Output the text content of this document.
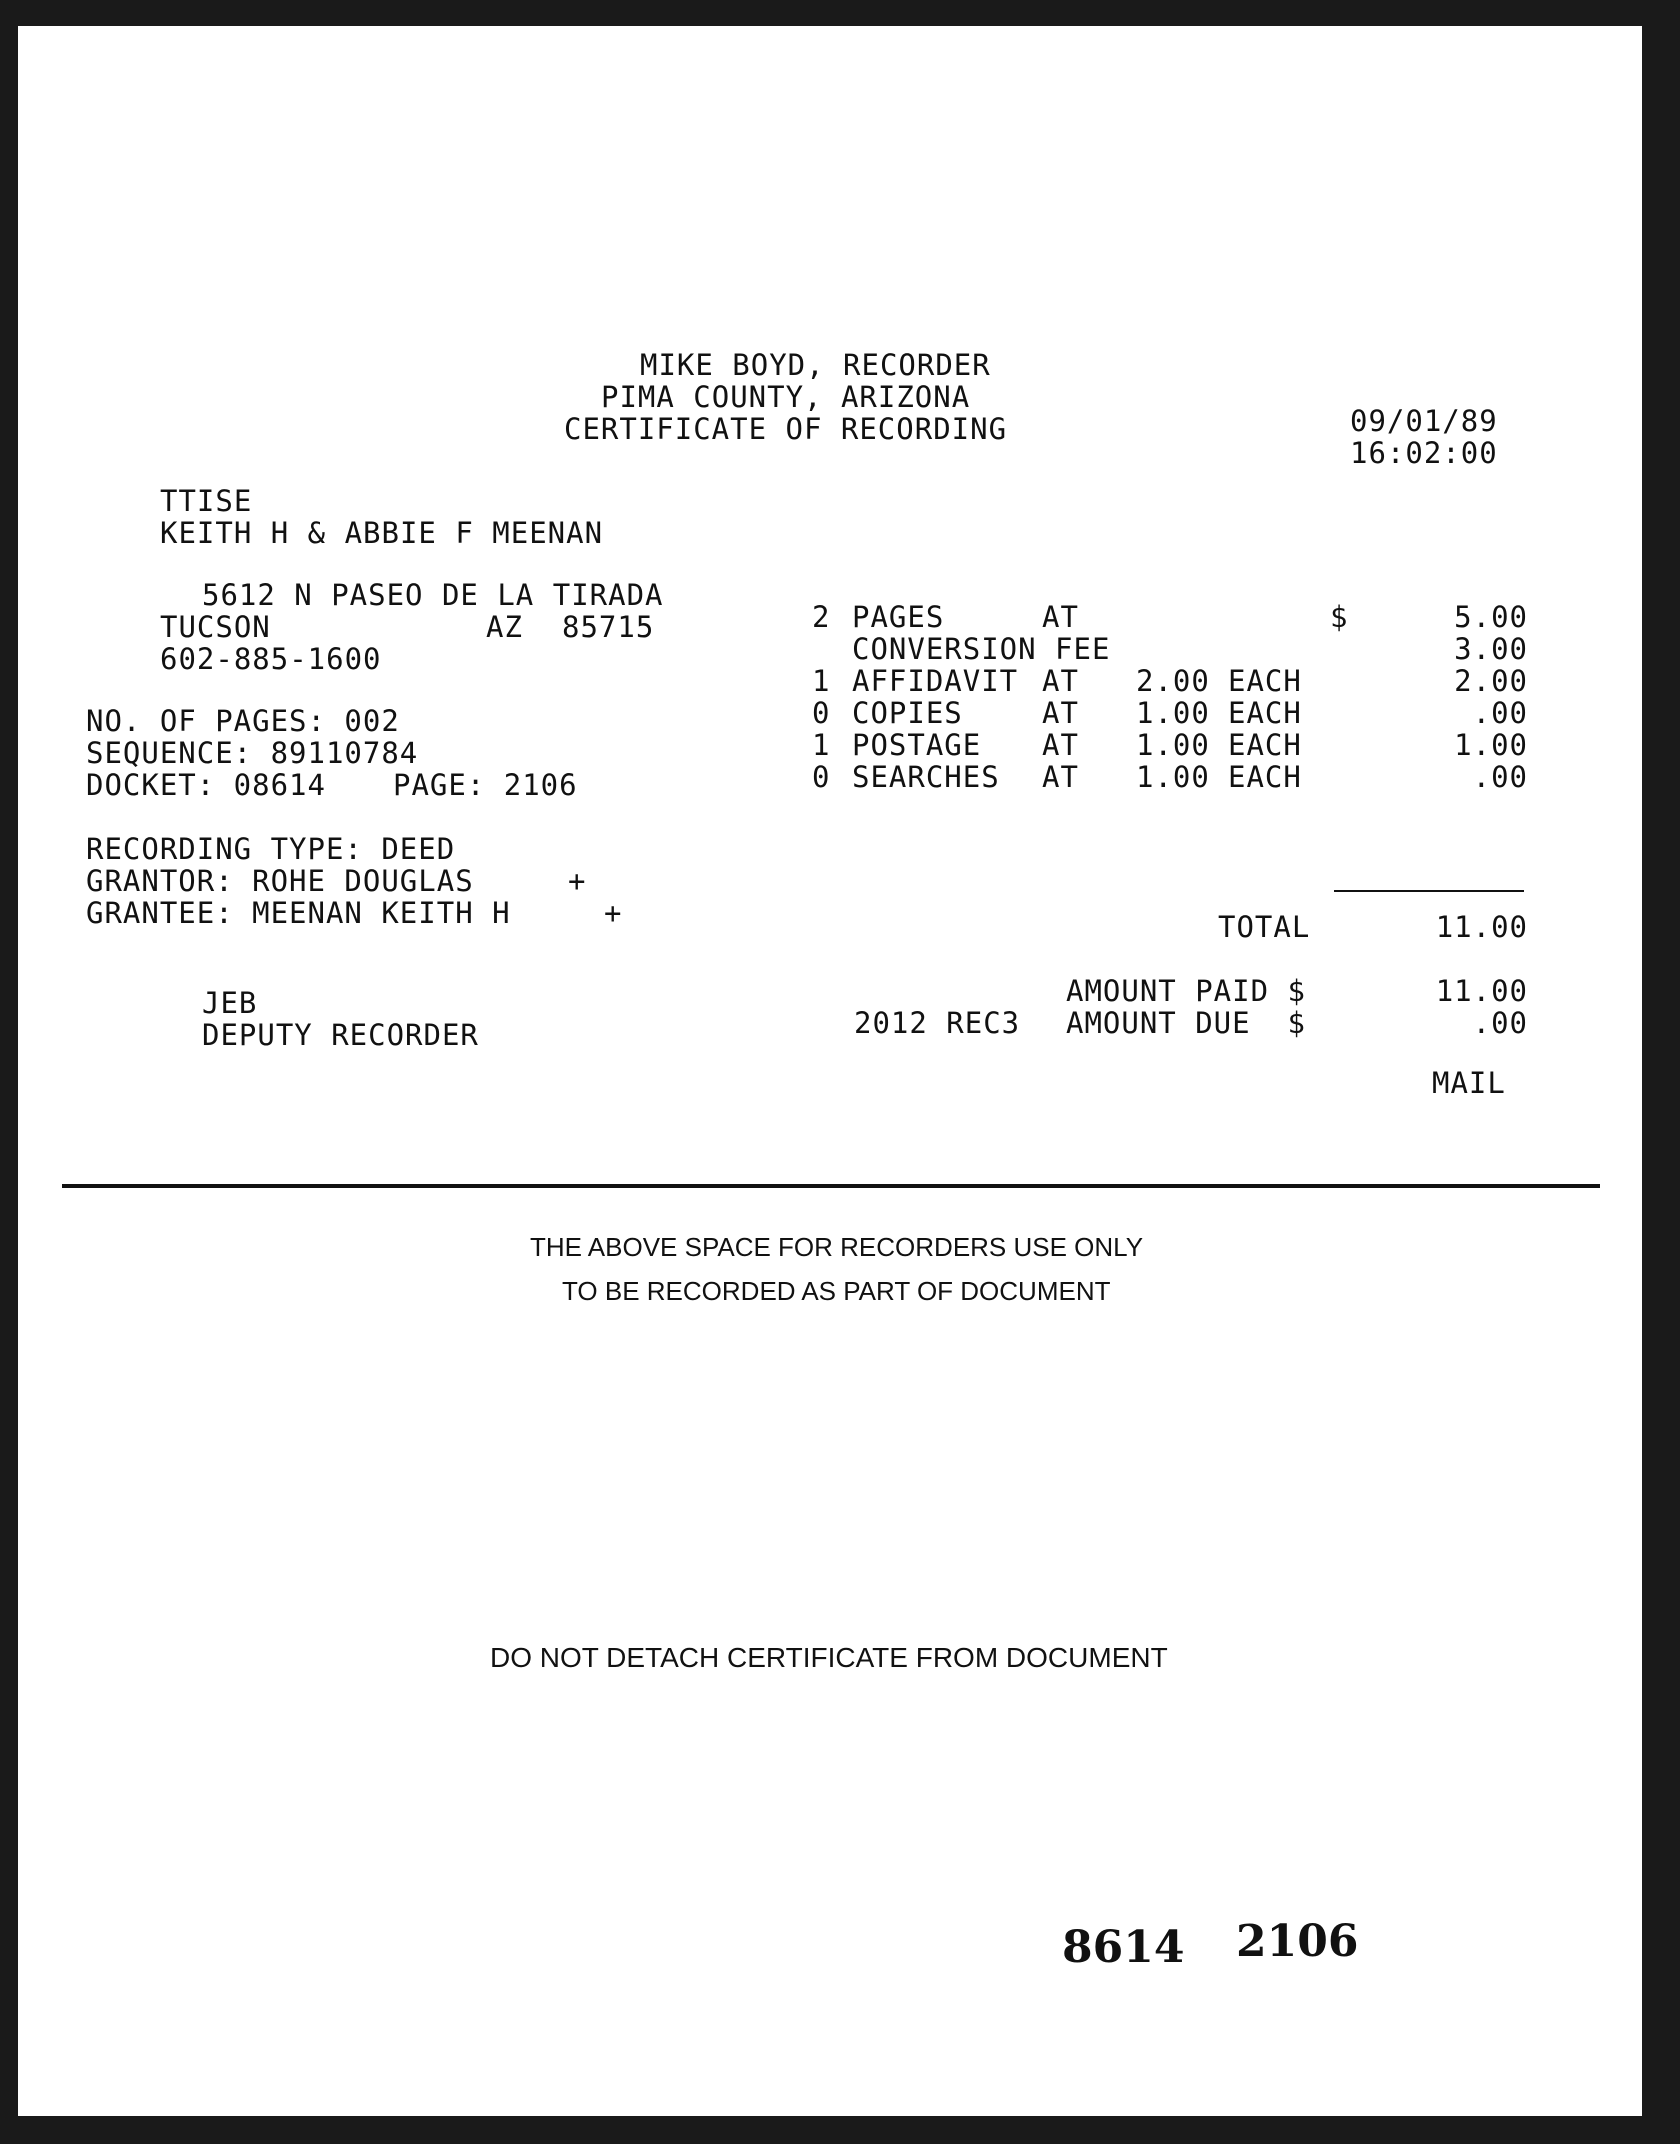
MIKE BOYD, RECORDER
PIMA COUNTY, ARIZONA
CERTIFICATE OF RECORDING	09/01/89
16:02:00
TTISE
KEITH H & ABBIE F MEENAN
5612 N PASEO DE LA TIRADA
TUCSON	AZ 85715
602-885-1600
NO. OF PAGES: 002
SEQUENCE: 89110784
DOCKET: 08614 PAGE: 2106
RECORDING TYPE: DEED
GRANTOR: ROHE DOUGLAS	+
GRANTEE: MEENAN KEITH H	+
2 PAGES	AT	$	5.00
CONVERSION FEE	3.00
1 AFFIDAVIT AT 2.00 EACH	2.00
0 COPIES	AT 1.00 EACH	.00
1 POSTAGE AT 1.00 EACH	1.00
0 SEARCHES AT 1.00 EACH	.00
TOTAL	11.00
AMOUNT PAID $	11.00
2012 REC3 AMOUNT DUE  $	.00
MAIL
JEB
DEPUTY RECORDER
THE ABOVE SPACE FOR RECORDERS USE ONLY
TO BE RECORDED AS PART OF DOCUMENT
DO NOT DETACH CERTIFICATE FROM DOCUMENT
8614 2106
